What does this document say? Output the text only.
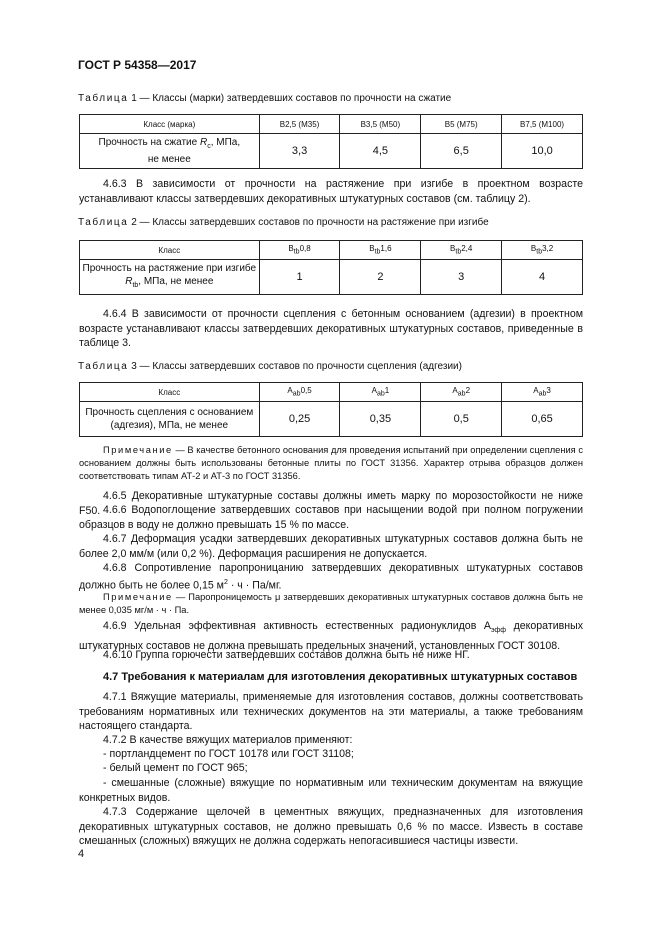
ГОСТ Р 54358—2017
Таблица 1 — Классы (марки) затвердевших составов по прочности на сжатие
Класс (марка)	B2,5 (M35)	B3,5 (M50)	B5 (M75)	B7,5 (M100)
Прочность на сжатие $R_c$, МПа,
не менее	3,3	4,5	6,5	10,0
4.6.3 В зависимости от прочности на растяжение при изгибе в проектном возрасте устанавливают классы затвердевших декоративных штукатурных составов (см. таблицу 2).
Таблица 2 — Классы затвердевших составов по прочности на растяжение при изгибе
Класс	$B_{tb}0,8$	$B_{tb}1,6$	$B_{tb}2,4$	$B_{tb}3,2$
Прочность на растяжение при изгибе
$R_{tb}$, МПа, не менее	1	2	3	4
4.6.4 В зависимости от прочности сцепления с бетонным основанием (адгезии) в проектном возрасте устанавливают классы затвердевших декоративных штукатурных составов, приведенные в таблице 3.
Таблица 3 — Классы затвердевших составов по прочности сцепления (адгезии)
Класс	$A_{ab}0,5$	$A_{ab}1$	$A_{ab}2$	$A_{ab}3$
Прочность сцепления с основанием
(адгезия), МПа, не менее	0,25	0,35	0,5	0,65
Примечание — В качестве бетонного основания для проведения испытаний при определении сцепления с основанием должны быть использованы бетонные плиты по ГОСТ 31356. Характер отрыва образцов должен соответствовать типам АТ-2 и АТ-3 по ГОСТ 31356.
4.6.5 Декоративные штукатурные составы должны иметь марку по морозостойкости не ниже F50. 4.6.6 Водопоглощение затвердевших составов при насыщении водой при полном погружении образцов в воду не должно превышать 15 % по массе.
4.6.7 Деформация усадки затвердевших декоративных штукатурных составов должна быть не более 2,0 мм/м (или 0,2 %). Деформация расширения не допускается.
4.6.8 Сопротивление паропроницанию затвердевших декоративных штукатурных составов должно быть не более 0,15 $м^2 \cdot ч \cdot Па/мг$.
Примечание — Паропроницемость μ затвердевших декоративных штукатурных составов должна быть не менее 0,035 мг/м · ч · Па.
4.6.9 Удельная эффективная активность естественных радионуклидов $А_{эфф}$ декоративных штукатурных составов не должна превышать предельных значений, установленных ГОСТ 30108.
4.6.10 Группа горючести затвердевших составов должна быть не ниже НГ.
4.7 Требования к материалам для изготовления декоративных штукатурных составов
4.7.1 Вяжущие материалы, применяемые для изготовления составов, должны соответствовать требованиям нормативных или технических документов на эти материалы, а также требованиям настоящего стандарта.
4.7.2 В качестве вяжущих материалов применяют:
- портландцемент по ГОСТ 10178 или ГОСТ 31108;
- белый цемент по ГОСТ 965;
- смешанные (сложные) вяжущие по нормативным или техническим документам на вяжущие конкретных видов.
4.7.3 Содержание щелочей в цементных вяжущих, предназначенных для изготовления декоративных штукатурных составов, не должно превышать 0,6 % по массе. Известь в составе смешанных (сложных) вяжущих не должна содержать непогасившиеся частицы извести.
4
